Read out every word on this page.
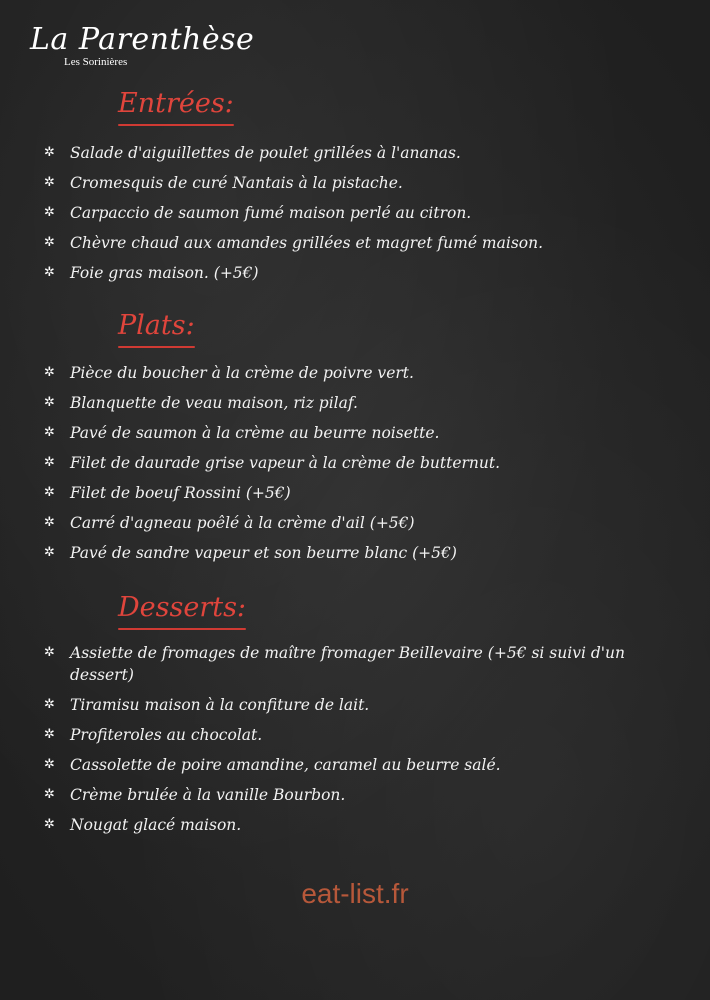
La Parenthèse
Les Sorinières
Entrées:
✲ Salade d'aiguillettes de poulet grillées à l'ananas.
✲ Cromesquis de curé Nantais à la pistache.
✲ Carpaccio de saumon fumé maison perlé au citron.
✲ Chèvre chaud aux amandes grillées et magret fumé maison.
✲ Foie gras maison. (+5€)
Plats:
✲ Pièce du boucher à la crème de poivre vert.
✲ Blanquette de veau maison, riz pilaf.
✲ Pavé de saumon à la crème au beurre noisette.
✲ Filet de daurade grise vapeur à la crème de butternut.
✲ Filet de boeuf Rossini (+5€)
✲ Carré d'agneau poêlé à la crème d'ail (+5€)
✲ Pavé de sandre vapeur et son beurre blanc (+5€)
Desserts:
✲ Assiette de fromages de maître fromager Beillevaire (+5€ si suivi d'un dessert)
✲ Tiramisu maison à la confiture de lait.
✲ Profiteroles au chocolat.
✲ Cassolette de poire amandine, caramel au beurre salé.
✲ Crème brulée à la vanille Bourbon.
✲ Nougat glacé maison.
eat-list.fr
